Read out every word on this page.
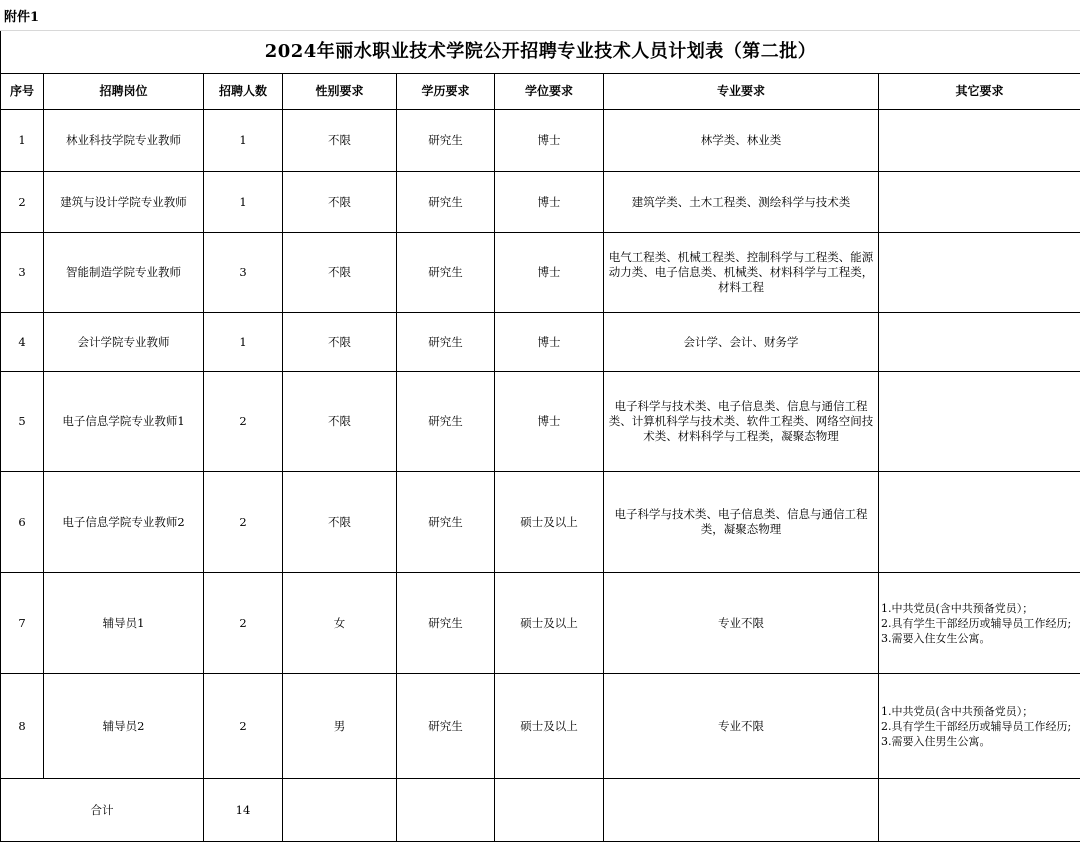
附件1
2024年丽水职业技术学院公开招聘专业技术人员计划表（第二批）
序号	招聘岗位	招聘人数	性别要求	学历要求	学位要求	专业要求	其它要求
1	林业科技学院专业教师	1	不限	研究生	博士	林学类、林业类	
2	建筑与设计学院专业教师	1	不限	研究生	博士	建筑学类、土木工程类、测绘科学与技术类	
3	智能制造学院专业教师	3	不限	研究生	博士	电气工程类、机械工程类、控制科学与工程类、能源动力类、电子信息类、机械类、材料科学与工程类，材料工程	
4	会计学院专业教师	1	不限	研究生	博士	会计学、会计、财务学	
5	电子信息学院专业教师1	2	不限	研究生	博士	电子科学与技术类、电子信息类、信息与通信工程类、计算机科学与技术类、软件工程类、网络空间技术类、材料科学与工程类，凝聚态物理	
6	电子信息学院专业教师2	2	不限	研究生	硕士及以上	电子科学与技术类、电子信息类、信息与通信工程类，凝聚态物理	
7	辅导员1	2	女	研究生	硕士及以上	专业不限	1.中共党员(含中共预备党员）；
2.具有学生干部经历或辅导员工作经历;
3.需要入住女生公寓。

8	辅导员2	2	男	研究生	硕士及以上	专业不限	1.中共党员(含中共预备党员）；
2.具有学生干部经历或辅导员工作经历;
3.需要入住男生公寓。

合计		14					
